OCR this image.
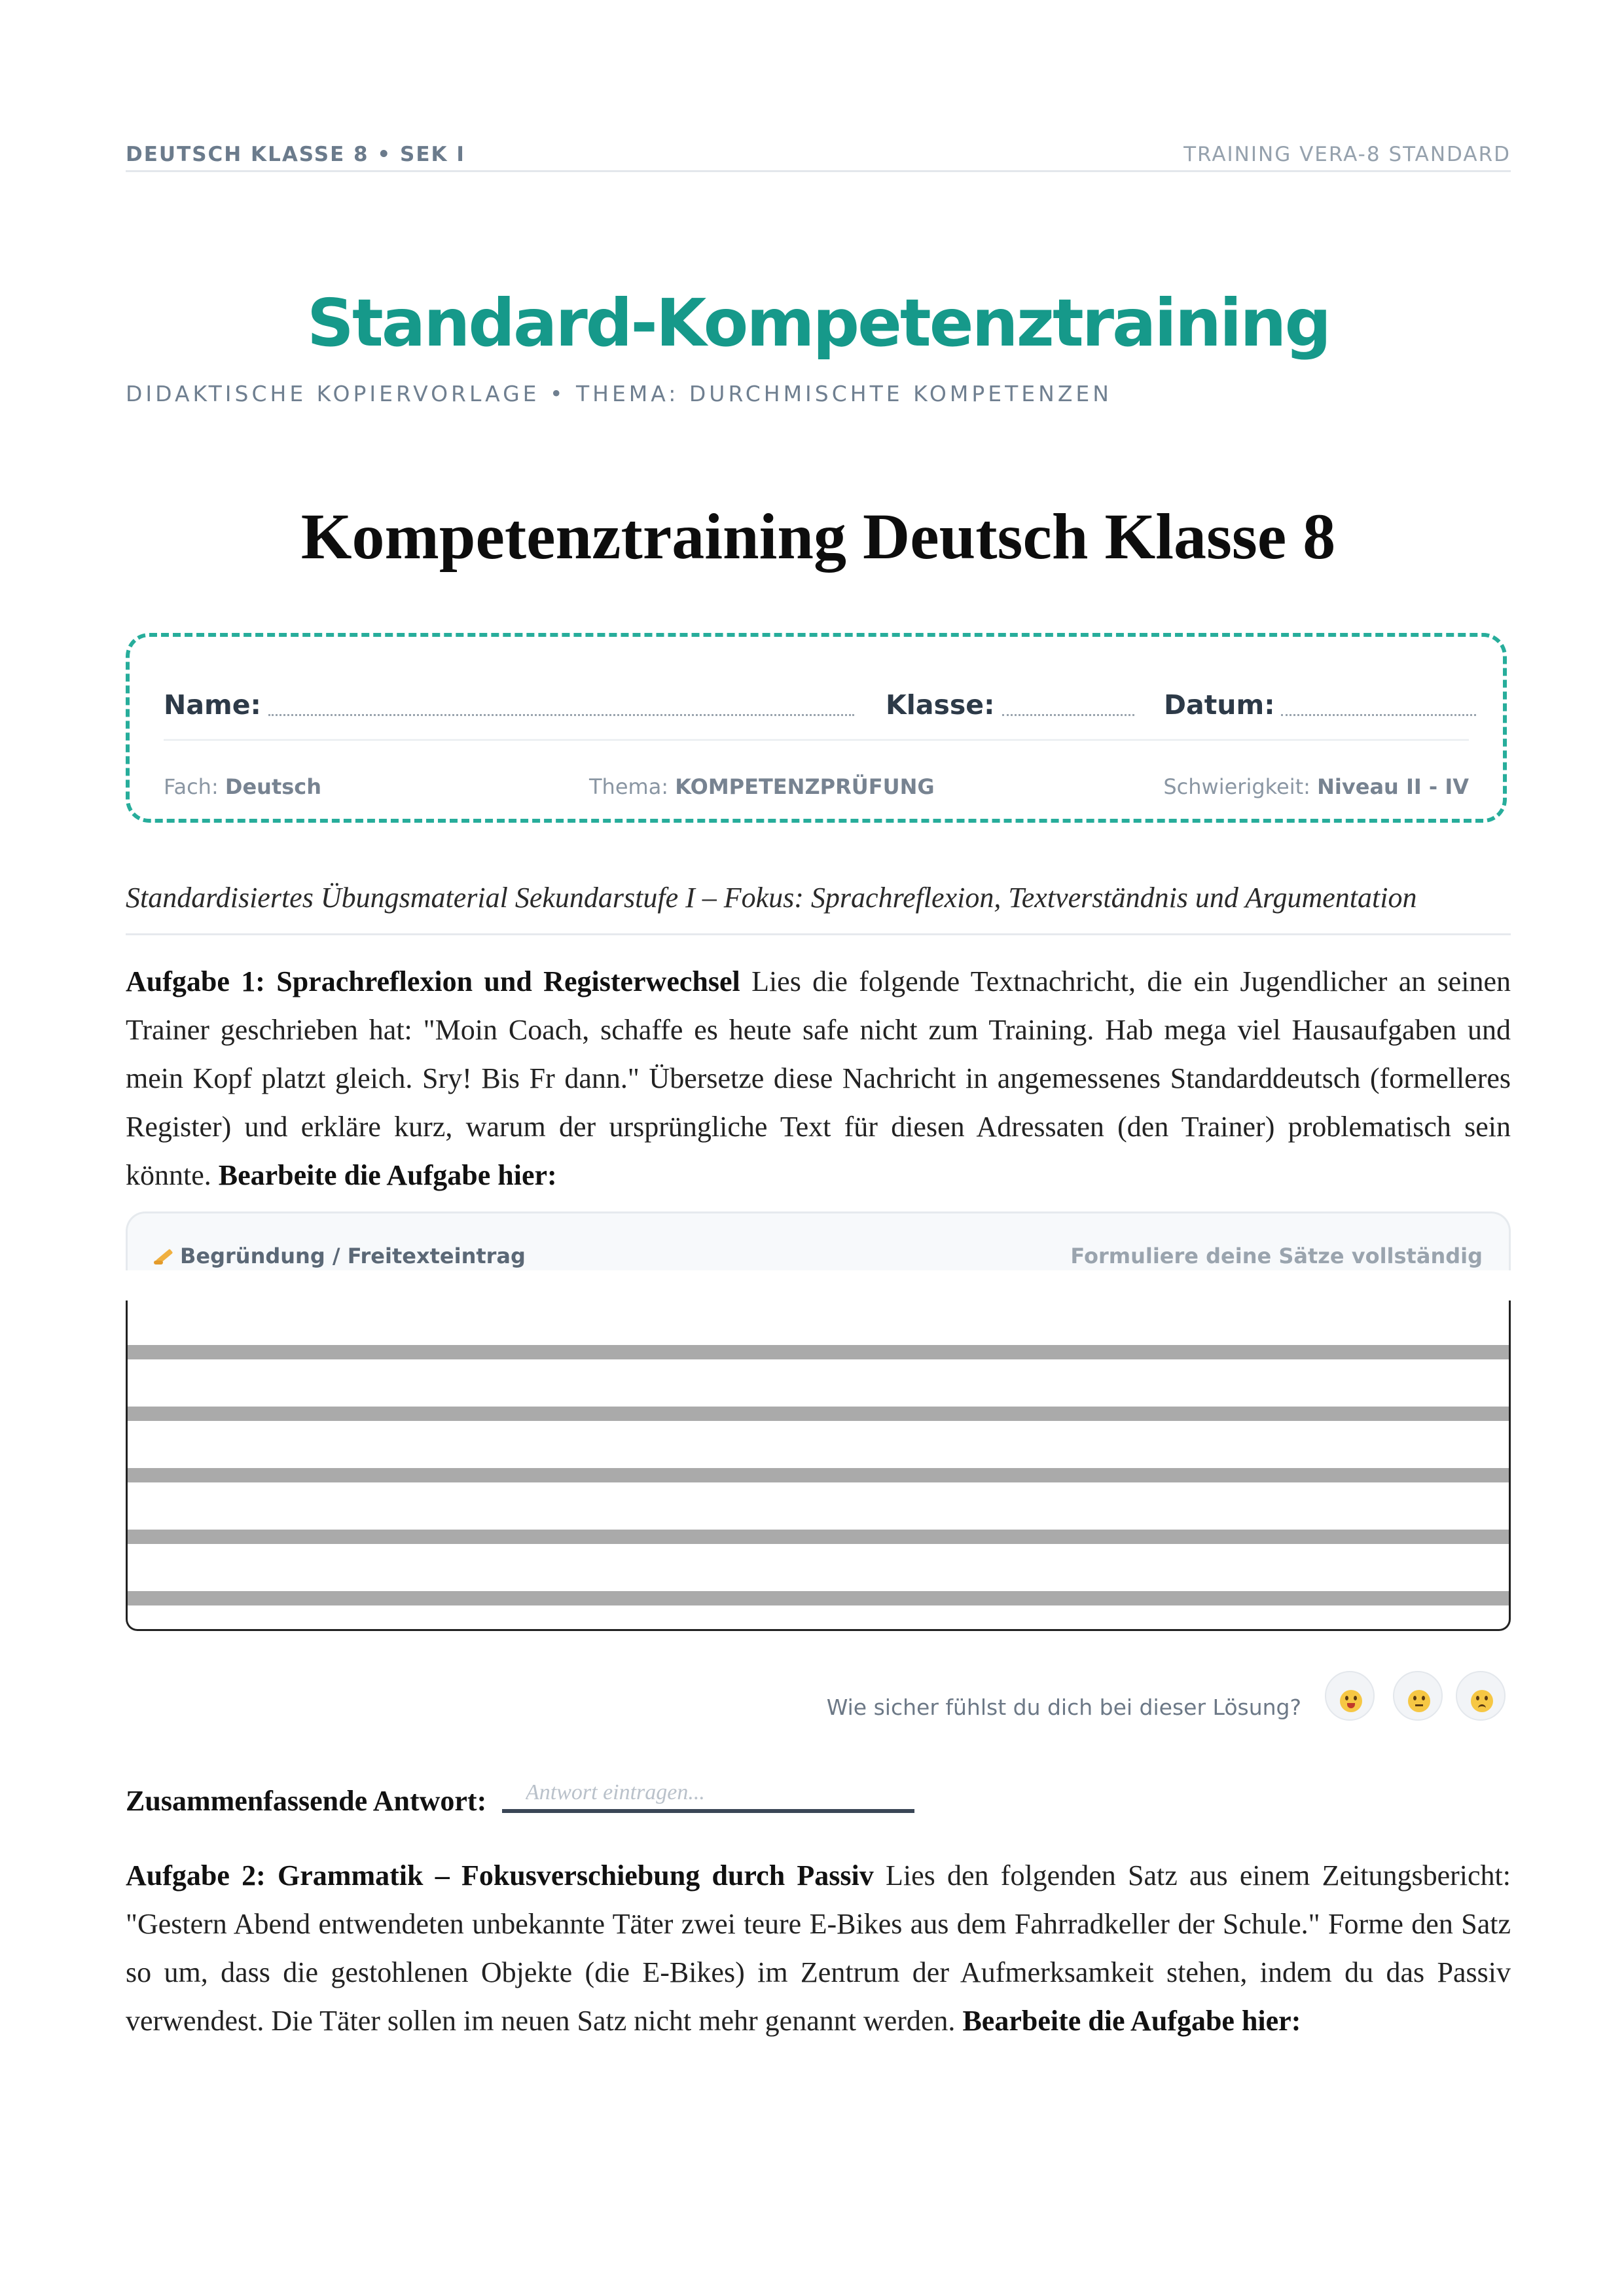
DEUTSCH KLASSE 8 • SEK I	TRAINING VERA-8 STANDARD
Standard-Kompetenztraining
DIDAKTISCHE KOPIERVORLAGE • THEMA: DURCHMISCHTE KOMPETENZEN
Kompetenztraining Deutsch Klasse 8
Name:	Klasse:	Datum:
Fach: Deutsch	Thema: KOMPETENZPRÜFUNG	Schwierigkeit: Niveau II - IV
Standardisiertes Übungsmaterial Sekundarstufe I – Fokus: Sprachreflexion, Textverständnis und Argumentation
Aufgabe 1: Sprachreflexion und Registerwechsel Lies die folgende Textnachricht, die ein Jugendlicher an seinen Trainer geschrieben hat: "Moin Coach, schaffe es heute safe nicht zum Training. Hab mega viel Hausaufgaben und mein Kopf platzt gleich. Sry! Bis Fr dann." Übersetze diese Nachricht in angemessenes Standarddeutsch (formelleres Register) und erkläre kurz, warum der ursprüngliche Text für diesen Adressaten (den Trainer) problematisch sein könnte. Bearbeite die Aufgabe hier:
Begründung / Freitexteintrag	Formuliere deine Sätze vollständig
Wie sicher fühlst du dich bei dieser Lösung?
Zusammenfassende Antwort:
Antwort eintragen...
Aufgabe 2: Grammatik – Fokusverschiebung durch Passiv Lies den folgenden Satz aus einem Zeitungsbericht: "Gestern Abend entwendeten unbekannte Täter zwei teure E-Bikes aus dem Fahrradkeller der Schule." Forme den Satz so um, dass die gestohlenen Objekte (die E-Bikes) im Zentrum der Aufmerksamkeit stehen, indem du das Passiv verwendest. Die Täter sollen im neuen Satz nicht mehr genannt werden. Bearbeite die Aufgabe hier:
